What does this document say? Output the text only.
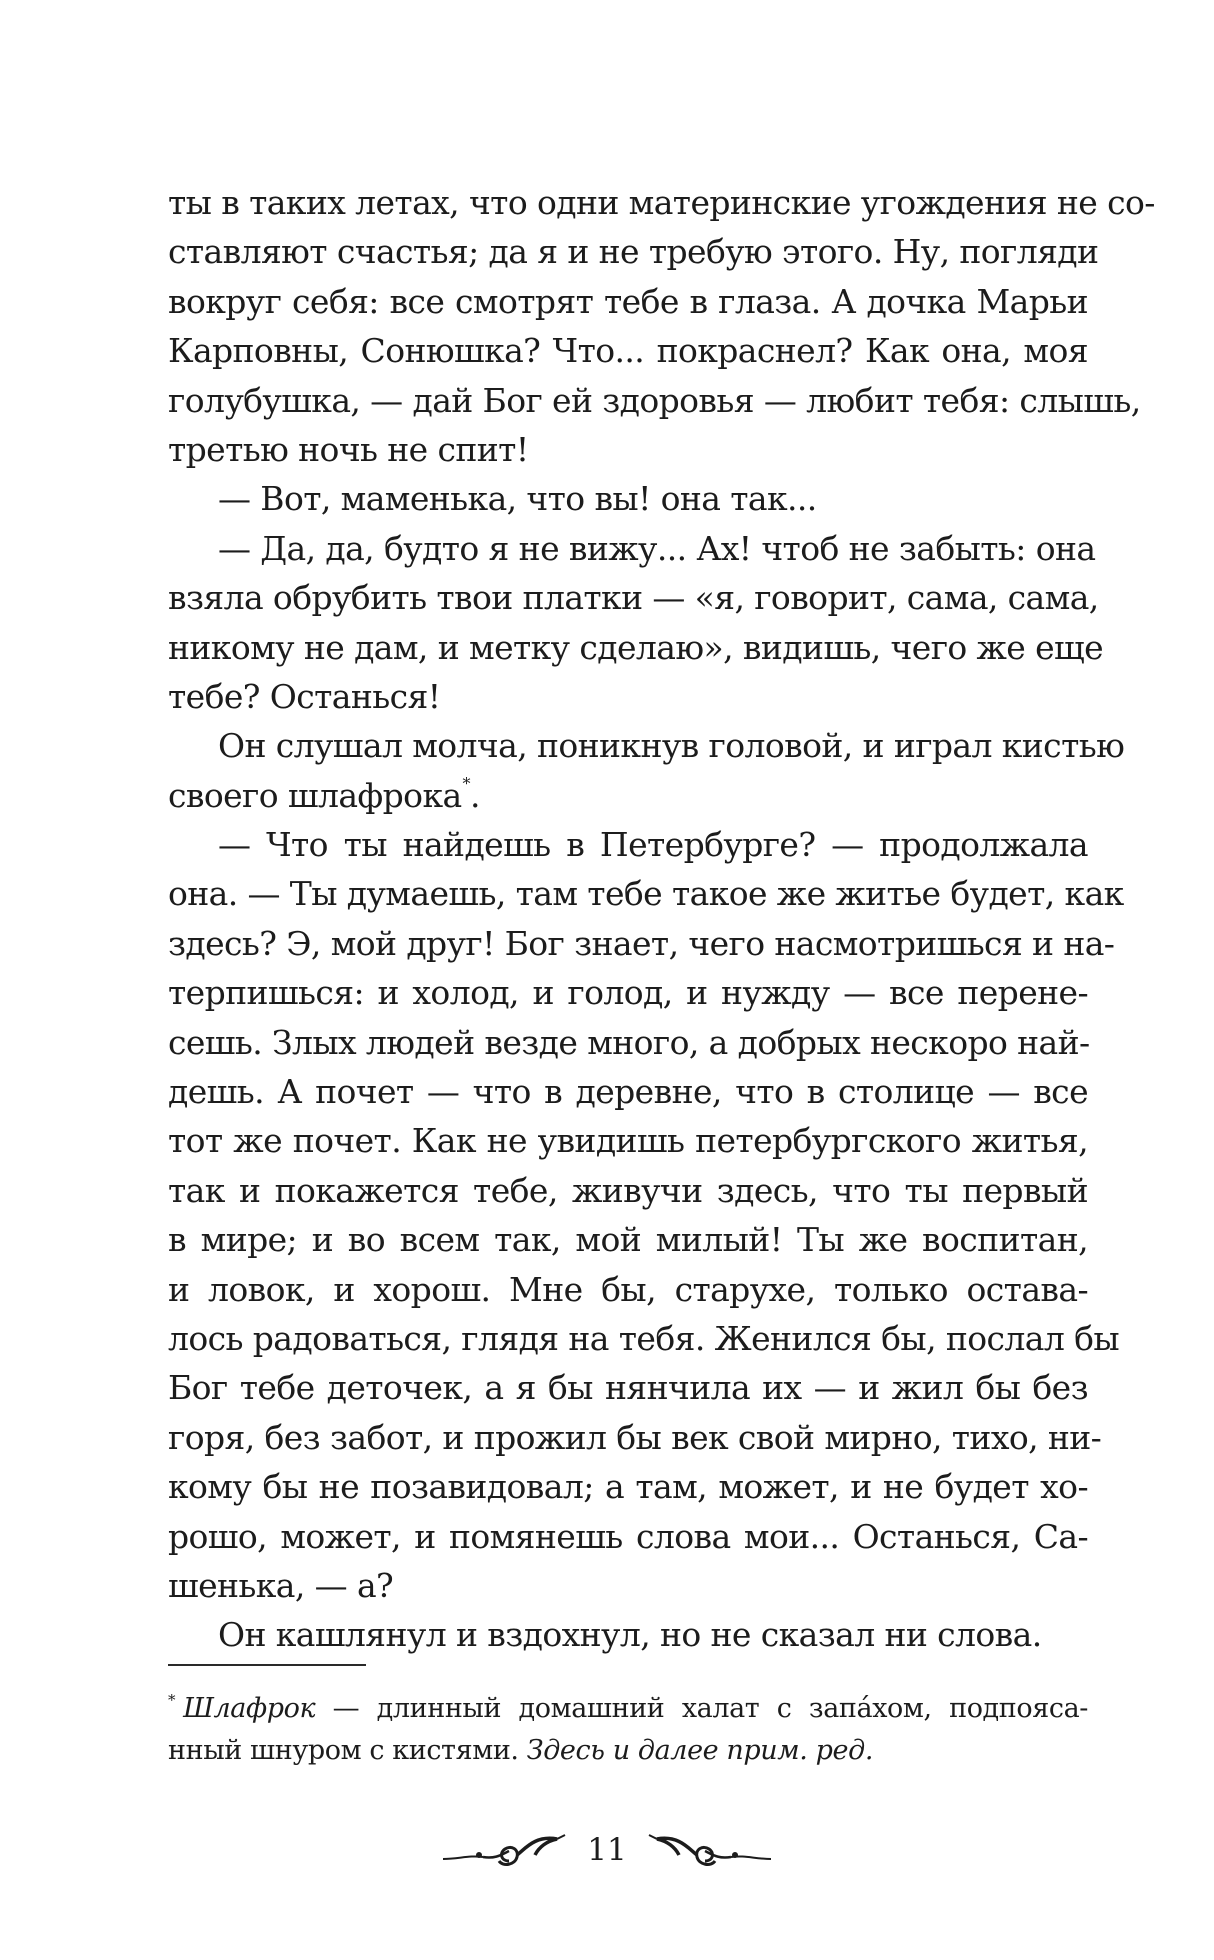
ты в таких летах, что одни материнские угождения не со-
ставляют счастья; да я и не требую этого. Ну, погляди
вокруг себя: все смотрят тебе в глаза. А дочка Марьи
Карповны, Сонюшка? Что... покраснел? Как она, моя
голубушка, — дай Бог ей здоровья — любит тебя: слышь,
третью ночь не спит!
— Вот, маменька, что вы! она так...
— Да, да, будто я не вижу... Ах! чтоб не забыть: она
взяла обрубить твои платки — «я, говорит, сама, сама,
никому не дам, и метку сделаю», видишь, чего же еще
тебе? Останься!
Он слушал молча, поникнув головой, и играл кистью
своего шлафрока*.
— Что ты найдешь в Петербурге? — продолжала
она. — Ты думаешь, там тебе такое же житье будет, как
здесь? Э, мой друг! Бог знает, чего насмотришься и на-
терпишься: и холод, и голод, и нужду — все перене-
сешь. Злых людей везде много, а добрых нескоро най-
дешь. А почет — что в деревне, что в столице — все
тот же почет. Как не увидишь петербургского житья,
так и покажется тебе, живучи здесь, что ты первый
в мире; и во всем так, мой милый! Ты же воспитан,
и ловок, и хорош. Мне бы, старухе, только остава-
лось радоваться, глядя на тебя. Женился бы, послал бы
Бог тебе деточек, а я бы нянчила их — и жил бы без
горя, без забот, и прожил бы век свой мирно, тихо, ни-
кому бы не позавидовал; а там, может, и не будет хо-
рошо, может, и помянешь слова мои... Останься, Са-
шенька, — а?
Он кашлянул и вздохнул, но не сказал ни слова.
* Шлафрок — длинный домашний халат с запа́хом, подпояса-
нный шнуром с кистями. Здесь и далее прим. ред.
11
